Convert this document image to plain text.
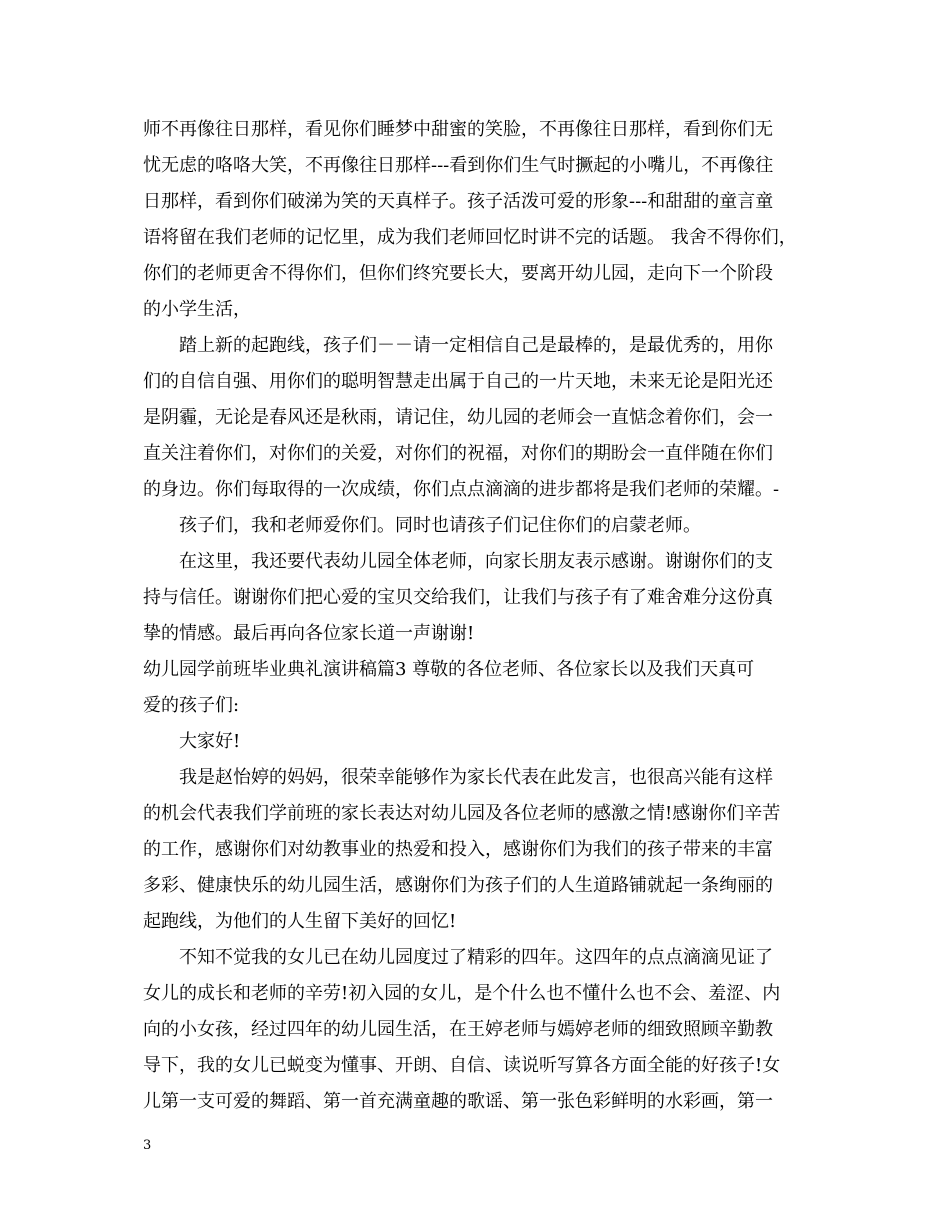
师不再像往日那样，看见你们睡梦中甜蜜的笑脸，不再像往日那样，看到你们无
忧无虑的咯咯大笑，不再像往日那样---看到你们生气时撅起的小嘴儿，不再像往
日那样，看到你们破涕为笑的天真样子。孩子活泼可爱的形象---和甜甜的童言童
语将留在我们老师的记忆里，成为我们老师回忆时讲不完的话题。 我舍不得你们，
你们的老师更舍不得你们，但你们终究要长大，要离开幼儿园，走向下一个阶段
的小学生活，
踏上新的起跑线，孩子们－－请一定相信自己是最棒的，是最优秀的，用你
们的自信自强、用你们的聪明智慧走出属于自己的一片天地，未来无论是阳光还
是阴霾，无论是春风还是秋雨，请记住，幼儿园的老师会一直惦念着你们，会一
直关注着你们，对你们的关爱，对你们的祝福，对你们的期盼会一直伴随在你们
的身边。你们每取得的一次成绩，你们点点滴滴的进步都将是我们老师的荣耀。-
孩子们，我和老师爱你们。同时也请孩子们记住你们的启蒙老师。
在这里，我还要代表幼儿园全体老师，向家长朋友表示感谢。谢谢你们的支
持与信任。谢谢你们把心爱的宝贝交给我们，让我们与孩子有了难舍难分这份真
挚的情感。最后再向各位家长道一声谢谢!
幼儿园学前班毕业典礼演讲稿篇3 尊敬的各位老师、各位家长以及我们天真可
爱的孩子们:
大家好!
我是赵怡婷的妈妈，很荣幸能够作为家长代表在此发言，也很高兴能有这样
的机会代表我们学前班的家长表达对幼儿园及各位老师的感激之情!感谢你们辛苦
的工作，感谢你们对幼教事业的热爱和投入，感谢你们为我们的孩子带来的丰富
多彩、健康快乐的幼儿园生活，感谢你们为孩子们的人生道路铺就起一条绚丽的
起跑线，为他们的人生留下美好的回忆!
不知不觉我的女儿已在幼儿园度过了精彩的四年。这四年的点点滴滴见证了
女儿的成长和老师的辛劳!初入园的女儿，是个什么也不懂什么也不会、羞涩、内
向的小女孩，经过四年的幼儿园生活，在王婷老师与嫣婷老师的细致照顾辛勤教
导下，我的女儿已蜕变为懂事、开朗、自信、读说听写算各方面全能的好孩子!女
儿第一支可爱的舞蹈、第一首充满童趣的歌谣、第一张色彩鲜明的水彩画，第一
3
